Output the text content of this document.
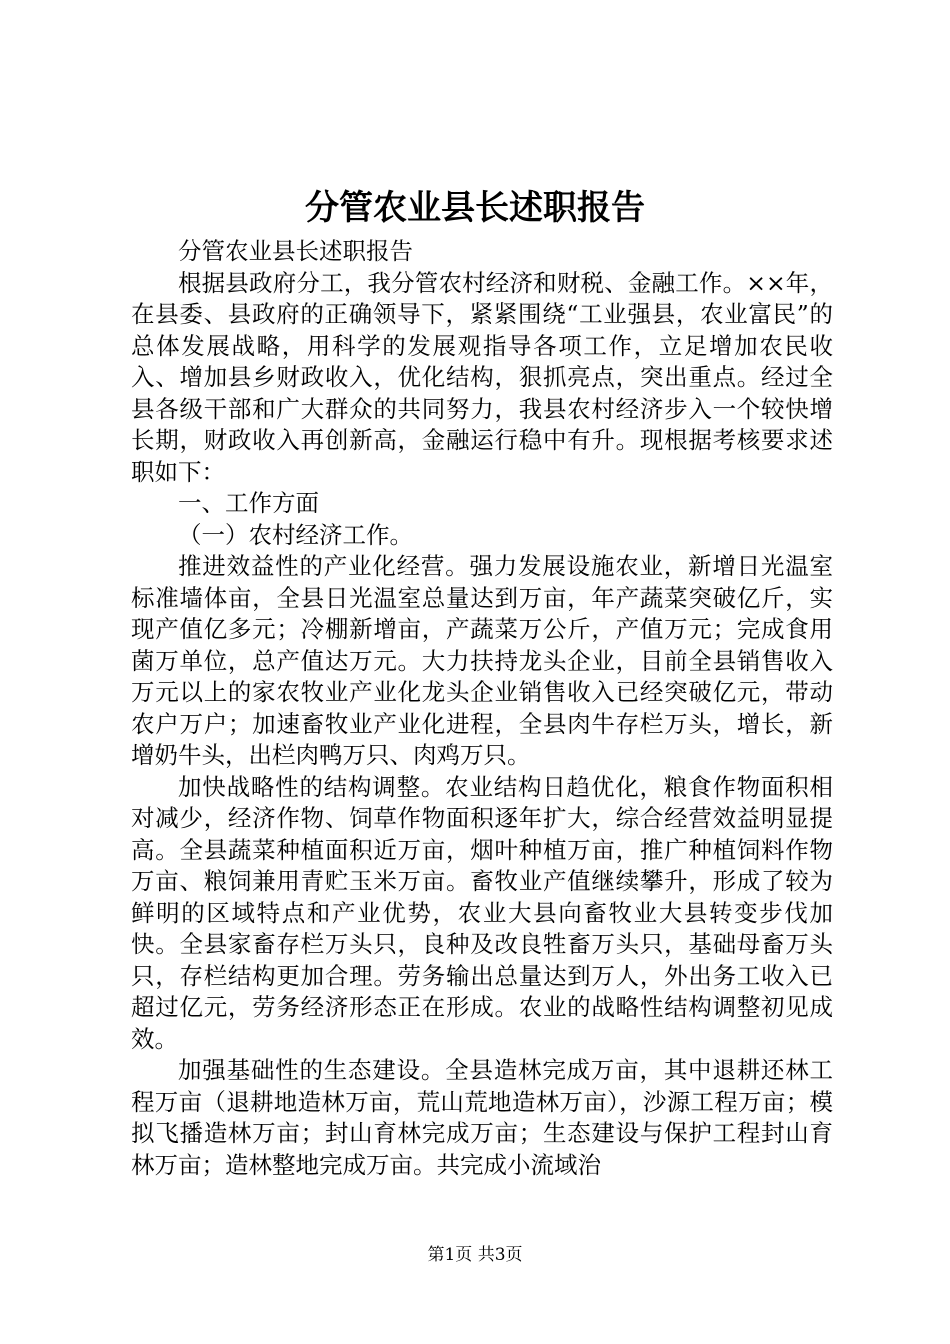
分管农业县长述职报告

分管农业县长述职报告

根据县政府分工，我分管农村经济和财税、金融工作。××年，在县委、县政府的正确领导下，紧紧围绕“工业强县，农业富民”的总体发展战略，用科学的发展观指导各项工作，立足增加农民收入、增加县乡财政收入，优化结构，狠抓亮点，突出重点。经过全县各级干部和广大群众的共同努力，我县农村经济步入一个较快增长期，财政收入再创新高，金融运行稳中有升。现根据考核要求述职如下：

一、工作方面

（一）农村经济工作。

推进效益性的产业化经营。强力发展设施农业，新增日光温室标准墙体亩，全县日光温室总量达到万亩，年产蔬菜突破亿斤，实现产值亿多元；冷棚新增亩，产蔬菜万公斤，产值万元；完成食用菌万单位，总产值达万元。大力扶持龙头企业，目前全县销售收入万元以上的家农牧业产业化龙头企业销售收入已经突破亿元，带动农户万户；加速畜牧业产业化进程，全县肉牛存栏万头，增长，新增奶牛头，出栏肉鸭万只、肉鸡万只。

加快战略性的结构调整。农业结构日趋优化，粮食作物面积相对减少，经济作物、饲草作物面积逐年扩大，综合经营效益明显提高。全县蔬菜种植面积近万亩，烟叶种植万亩，推广种植饲料作物万亩、粮饲兼用青贮玉米万亩。畜牧业产值继续攀升，形成了较为鲜明的区域特点和产业优势，农业大县向畜牧业大县转变步伐加快。全县家畜存栏万头只，良种及改良牲畜万头只，基础母畜万头只，存栏结构更加合理。劳务输出总量达到万人，外出务工收入已超过亿元，劳务经济形态正在形成。农业的战略性结构调整初见成效。

加强基础性的生态建设。全县造林完成万亩，其中退耕还林工程万亩（退耕地造林万亩，荒山荒地造林万亩），沙源工程万亩；模拟飞播造林万亩；封山育林完成万亩；生态建设与保护工程封山育林万亩；造林整地完成万亩。共完成小流域治

第1页 共3页
